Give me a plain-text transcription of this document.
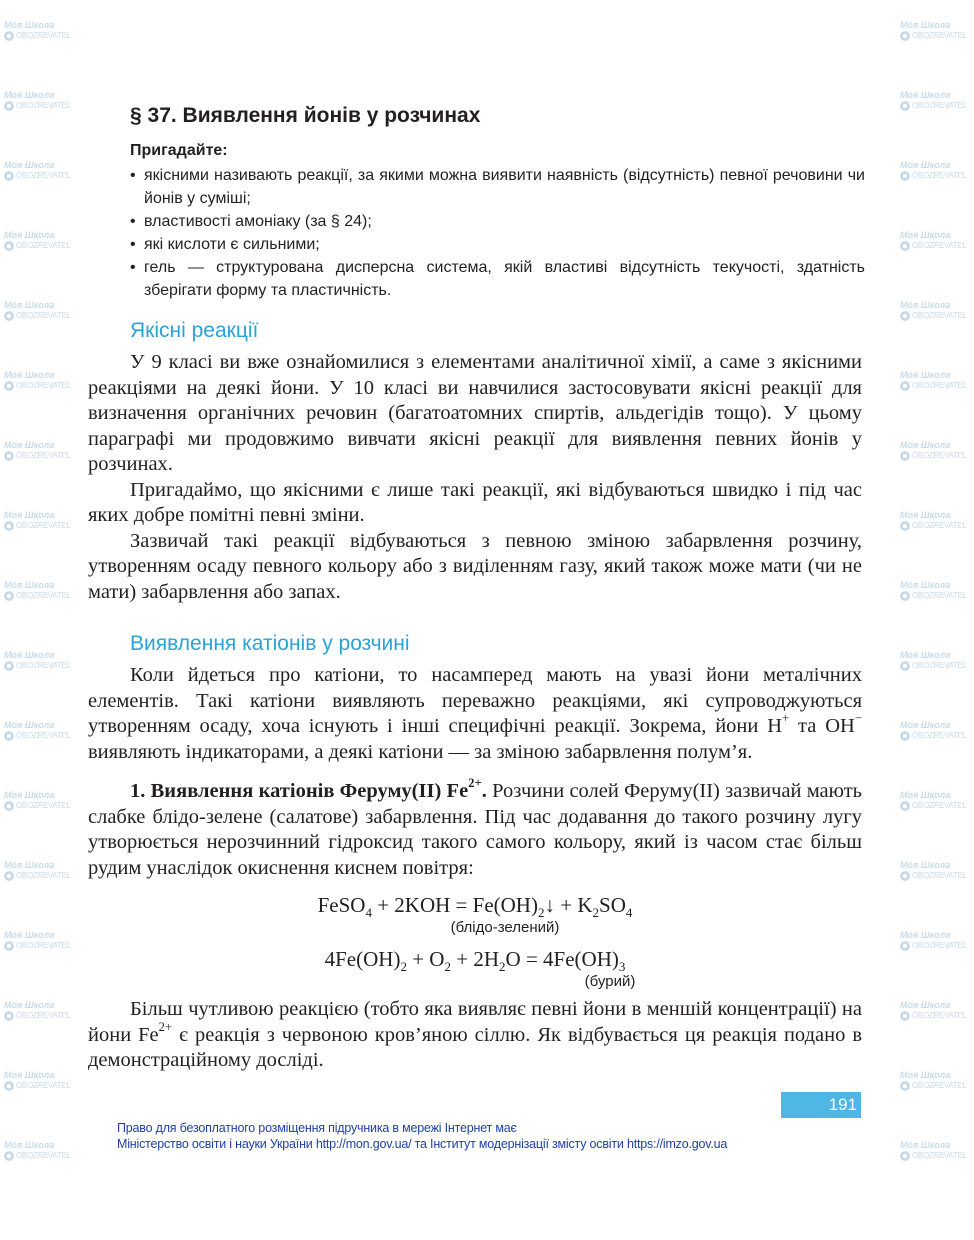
Моя Школа
OBOZREVATEL
Моя Школа
OBOZREVATEL
Моя Школа
OBOZREVATEL
Моя Школа
OBOZREVATEL
Моя Школа
OBOZREVATEL
Моя Школа
OBOZREVATEL
Моя Школа
OBOZREVATEL
Моя Школа
OBOZREVATEL
Моя Школа
OBOZREVATEL
Моя Школа
OBOZREVATEL
Моя Школа
OBOZREVATEL
Моя Школа
OBOZREVATEL
Моя Школа
OBOZREVATEL
Моя Школа
OBOZREVATEL
Моя Школа
OBOZREVATEL
Моя Школа
OBOZREVATEL
Моя Школа
OBOZREVATEL
Моя Школа
OBOZREVATEL
Моя Школа
OBOZREVATEL
Моя Школа
OBOZREVATEL
Моя Школа
OBOZREVATEL
Моя Школа
OBOZREVATEL
Моя Школа
OBOZREVATEL
Моя Школа
OBOZREVATEL
Моя Школа
OBOZREVATEL
Моя Школа
OBOZREVATEL
Моя Школа
OBOZREVATEL
Моя Школа
OBOZREVATEL
Моя Школа
OBOZREVATEL
Моя Школа
OBOZREVATEL
Моя Школа
OBOZREVATEL
Моя Школа
OBOZREVATEL
Моя Школа
OBOZREVATEL
Моя Школа
OBOZREVATEL
§ 37. Виявлення йонів у розчинах
Пригадайте:
• якісними називають реакції, за якими можна виявити наявність (відсутність) певної речовини чи йонів у суміші;
• властивості амоніаку (за § 24);
• які кислоти є сильними;
• гель — структурована дисперсна система, якій властиві відсутність текучості, здатність зберігати форму та пластичність.
Якісні реакції

У 9 класі ви вже ознайомилися з елементами аналітичної хімії, а саме з якісними реакціями на деякі йони. У 10 класі ви навчилися застосовувати якісні реакції для визначення органічних речовин (багатоатомних спиртів, альдегідів тощо). У цьому параграфі ми продовжимо вивчати якісні реакції для виявлення певних йонів у розчинах.

Пригадаймо, що якісними є лише такі реакції, які відбуваються швидко і під час яких добре помітні певні зміни.

Зазвичай такі реакції відбуваються з певною зміною забарвлення розчину, утворенням осаду певного кольору або з виділенням газу, який також може мати (чи не мати) забарвлення або запах.

Виявлення катіонів у розчині

Коли йдеться про катіони, то насамперед мають на увазі йони металічних елементів. Такі катіони виявляють переважно реакціями, які супроводжуються утворенням осаду, хоча існують і інші специфічні реакції. Зокрема, йони H+ та OH− виявляють індикаторами, а деякі катіони — за зміною забарвлення полум’я.

1. Виявлення катіонів Феруму(II) $Fe^{2+}$. Розчини солей Феруму(II) зазвичай мають слабке блідо-зелене (салатове) забарвлення. Під час додавання до такого розчину лугу утворюється нерозчинний гідроксид такого самого кольору, який із часом стає більш рудим унаслідок окиснення киснем повітря:

FeSO$_4$ + $2KOH = Fe(OH)_2↓ + K_2SO_4$
(блідо-зелений)
$4Fe(OH)_2 + O_2 + 2H_2O = 4Fe(OH)_3$
(бурий)

Більш чутливою реакцією (тобто яка виявляє певні йони в меншій концентрації) на йони $Fe^{2+}$ є реакція з червоною кров’яною сіллю. Як відбувається ця реакція подано в демонстраційному досліді.

191
Право для безоплатного розміщення підручника в мережі Інтернет має
Міністерство освіти і науки України http://mon.gov.ua/ та Інститут модернізації змісту освіти https://imzo.gov.ua
